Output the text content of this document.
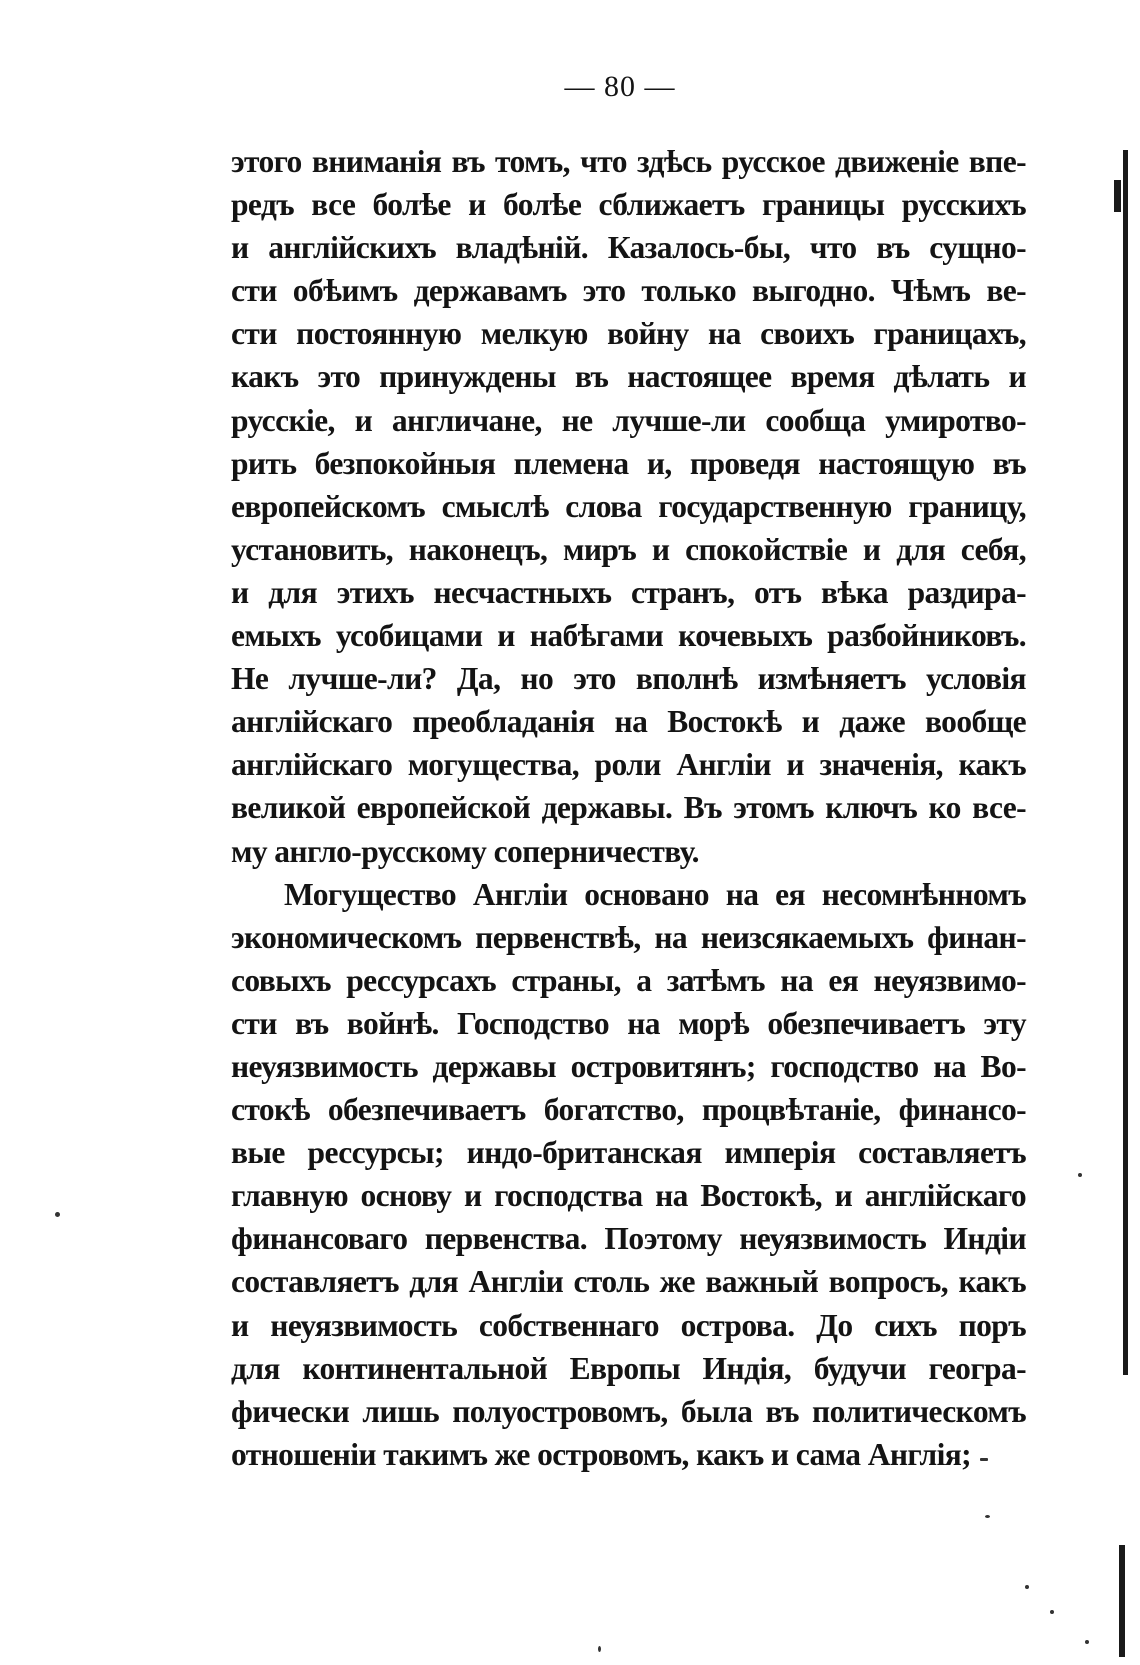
— 80 —
этого вниманія въ томъ, что здѣсь русское движеніе впе-
редъ все болѣе и болѣе сближаетъ границы русскихъ
и англійскихъ владѣній. Казалось-бы, что въ сущно-
сти обѣимъ державамъ это только выгодно. Чѣмъ ве-
сти постоянную мелкую войну на своихъ границахъ,
какъ это принуждены въ настоящее время дѣлать и
русскіе, и англичане, не лучше-ли сообща умиротво-
рить безпокойныя племена и, проведя настоящую въ
европейскомъ смыслѣ слова государственную границу,
установить, наконецъ, миръ и спокойствіе и для себя,
и для этихъ несчастныхъ странъ, отъ вѣка раздира-
емыхъ усобицами и набѣгами кочевыхъ разбойниковъ.
Не лучше-ли? Да, но это вполнѣ измѣняетъ условія
англійскаго преобладанія на Востокѣ и даже вообще
англійскаго могущества, роли Англіи и значенія, какъ
великой европейской державы. Въ этомъ ключъ ко все-
му англо-русскому соперничеству.
Могущество Англіи основано на ея несомнѣнномъ
экономическомъ первенствѣ, на неизсякаемыхъ финан-
совыхъ рессурсахъ страны, а затѣмъ на ея неуязвимо-
сти въ войнѣ. Господство на морѣ обезпечиваетъ эту
неуязвимость державы островитянъ; господство на Во-
стокѣ обезпечиваетъ богатство, процвѣтаніе, финансо-
вые рессурсы; индо-британская имперія составляетъ
главную основу и господства на Востокѣ, и англійскаго
финансоваго первенства. Поэтому неуязвимость Индіи
составляетъ для Англіи столь же важный вопросъ, какъ
и неуязвимость собственнаго острова. До сихъ поръ
для континентальной Европы Индія, будучи геогра-
фически лишь полуостровомъ, была въ политическомъ
отношеніи такимъ же островомъ, какъ и сама Англія;
